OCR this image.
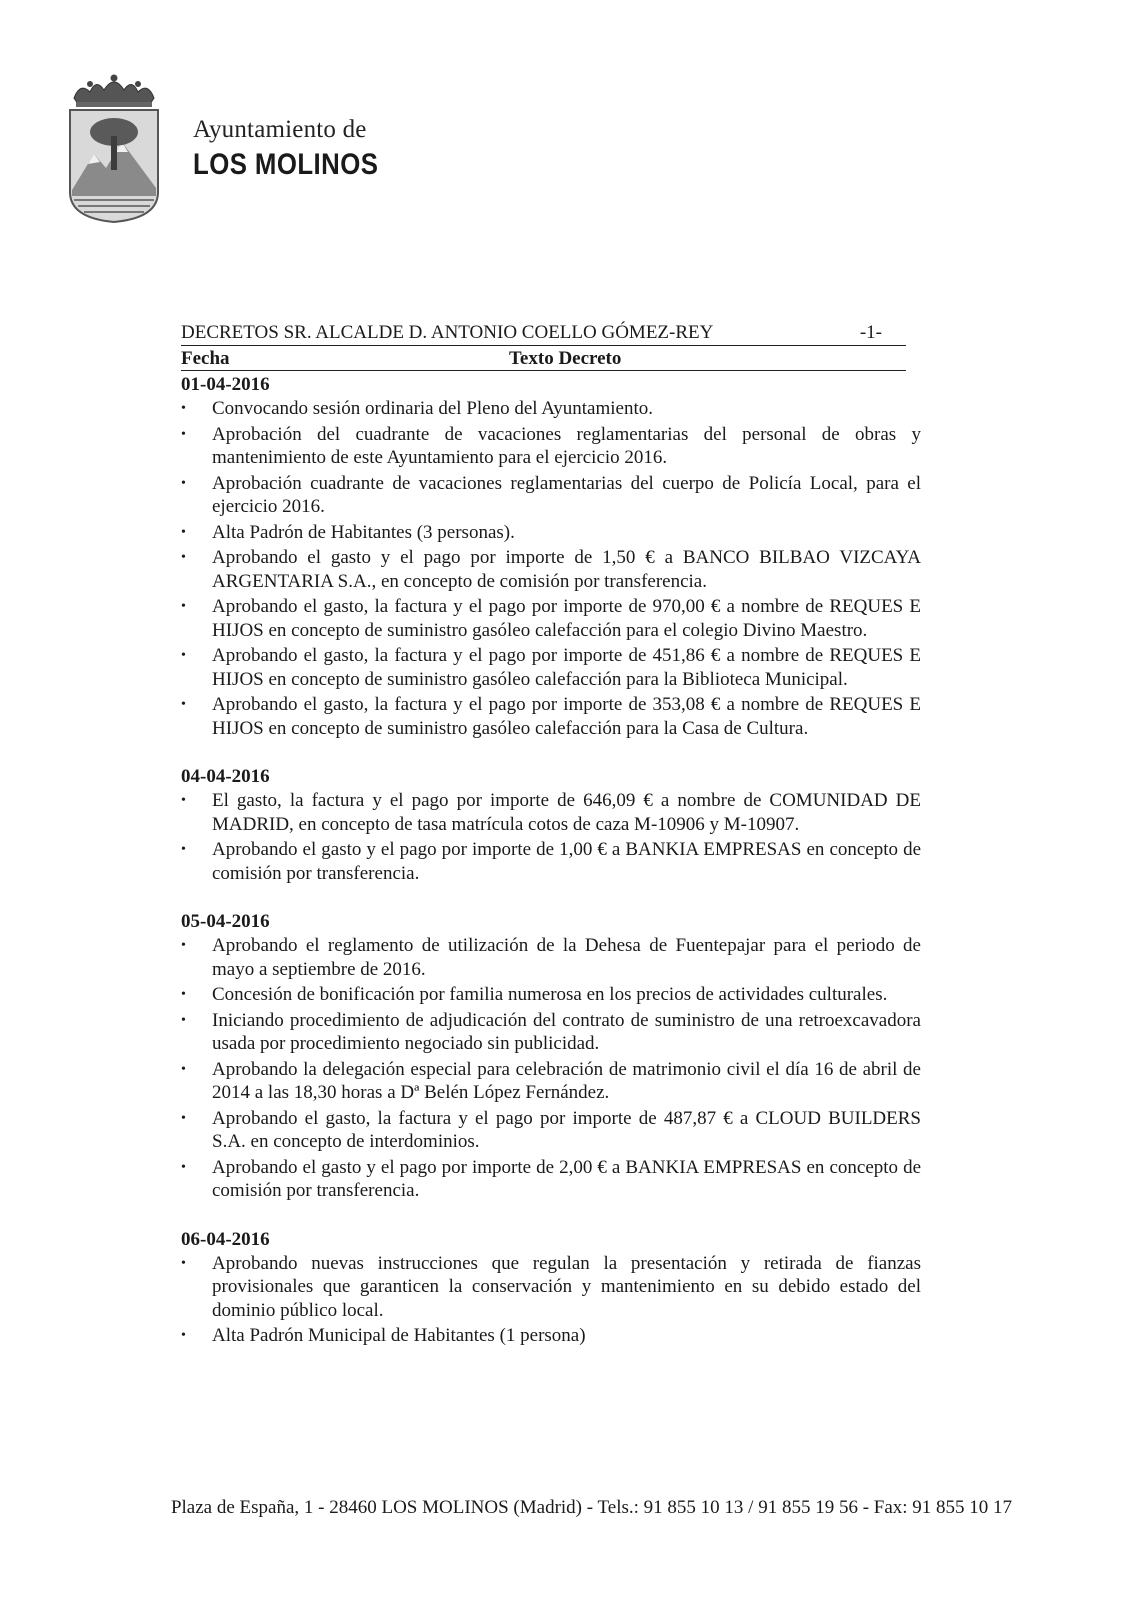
Ayuntamiento de
LOS MOLINOS
DECRETOS SR. ALCALDE D. ANTONIO COELLO GÓMEZ-REY	-1-
Fecha	Texto Decreto
01-04-2016
• Convocando sesión ordinaria del Pleno del Ayuntamiento.
• Aprobación del cuadrante de vacaciones reglamentarias del personal de obras y mantenimiento de este Ayuntamiento para el ejercicio 2016.
• Aprobación cuadrante de vacaciones reglamentarias del cuerpo de Policía Local, para el ejercicio 2016.
• Alta Padrón de Habitantes (3 personas).
• Aprobando el gasto y el pago por importe de 1,50 € a BANCO BILBAO VIZCAYA ARGENTARIA S.A., en concepto de comisión por transferencia.
• Aprobando el gasto, la factura y el pago por importe de 970,00 € a nombre de REQUES E HIJOS en concepto de suministro gasóleo calefacción para el colegio Divino Maestro.
• Aprobando el gasto, la factura y el pago por importe de 451,86 € a nombre de REQUES E HIJOS en concepto de suministro gasóleo calefacción para la Biblioteca Municipal.
• Aprobando el gasto, la factura y el pago por importe de 353,08 € a nombre de REQUES E HIJOS en concepto de suministro gasóleo calefacción para la Casa de Cultura.
04-04-2016
• El gasto, la factura y el pago por importe de 646,09 € a nombre de COMUNIDAD DE MADRID, en concepto de tasa matrícula cotos de caza M-10906 y M-10907.
• Aprobando el gasto y el pago por importe de 1,00 € a BANKIA EMPRESAS en concepto de comisión por transferencia.
05-04-2016
• Aprobando el reglamento de utilización de la Dehesa de Fuentepajar para el periodo de mayo a septiembre de 2016.
• Concesión de bonificación por familia numerosa en los precios de actividades culturales.
• Iniciando procedimiento de adjudicación del contrato de suministro de una retroexcavadora usada por procedimiento negociado sin publicidad.
• Aprobando la delegación especial para celebración de matrimonio civil el día 16 de abril de 2014 a las 18,30 horas a Dª Belén López Fernández.
• Aprobando el gasto, la factura y el pago por importe de 487,87 € a CLOUD BUILDERS S.A. en concepto de interdominios.
• Aprobando el gasto y el pago por importe de 2,00 € a BANKIA EMPRESAS en concepto de comisión por transferencia.
06-04-2016
• Aprobando nuevas instrucciones que regulan la presentación y retirada de fianzas provisionales que garanticen la conservación y mantenimiento en su debido estado del dominio público local.
• Alta Padrón Municipal de Habitantes (1 persona)
Plaza de España, 1 - 28460 LOS MOLINOS (Madrid) - Tels.: 91 855 10 13 / 91 855 19 56 - Fax: 91 855 10 17
